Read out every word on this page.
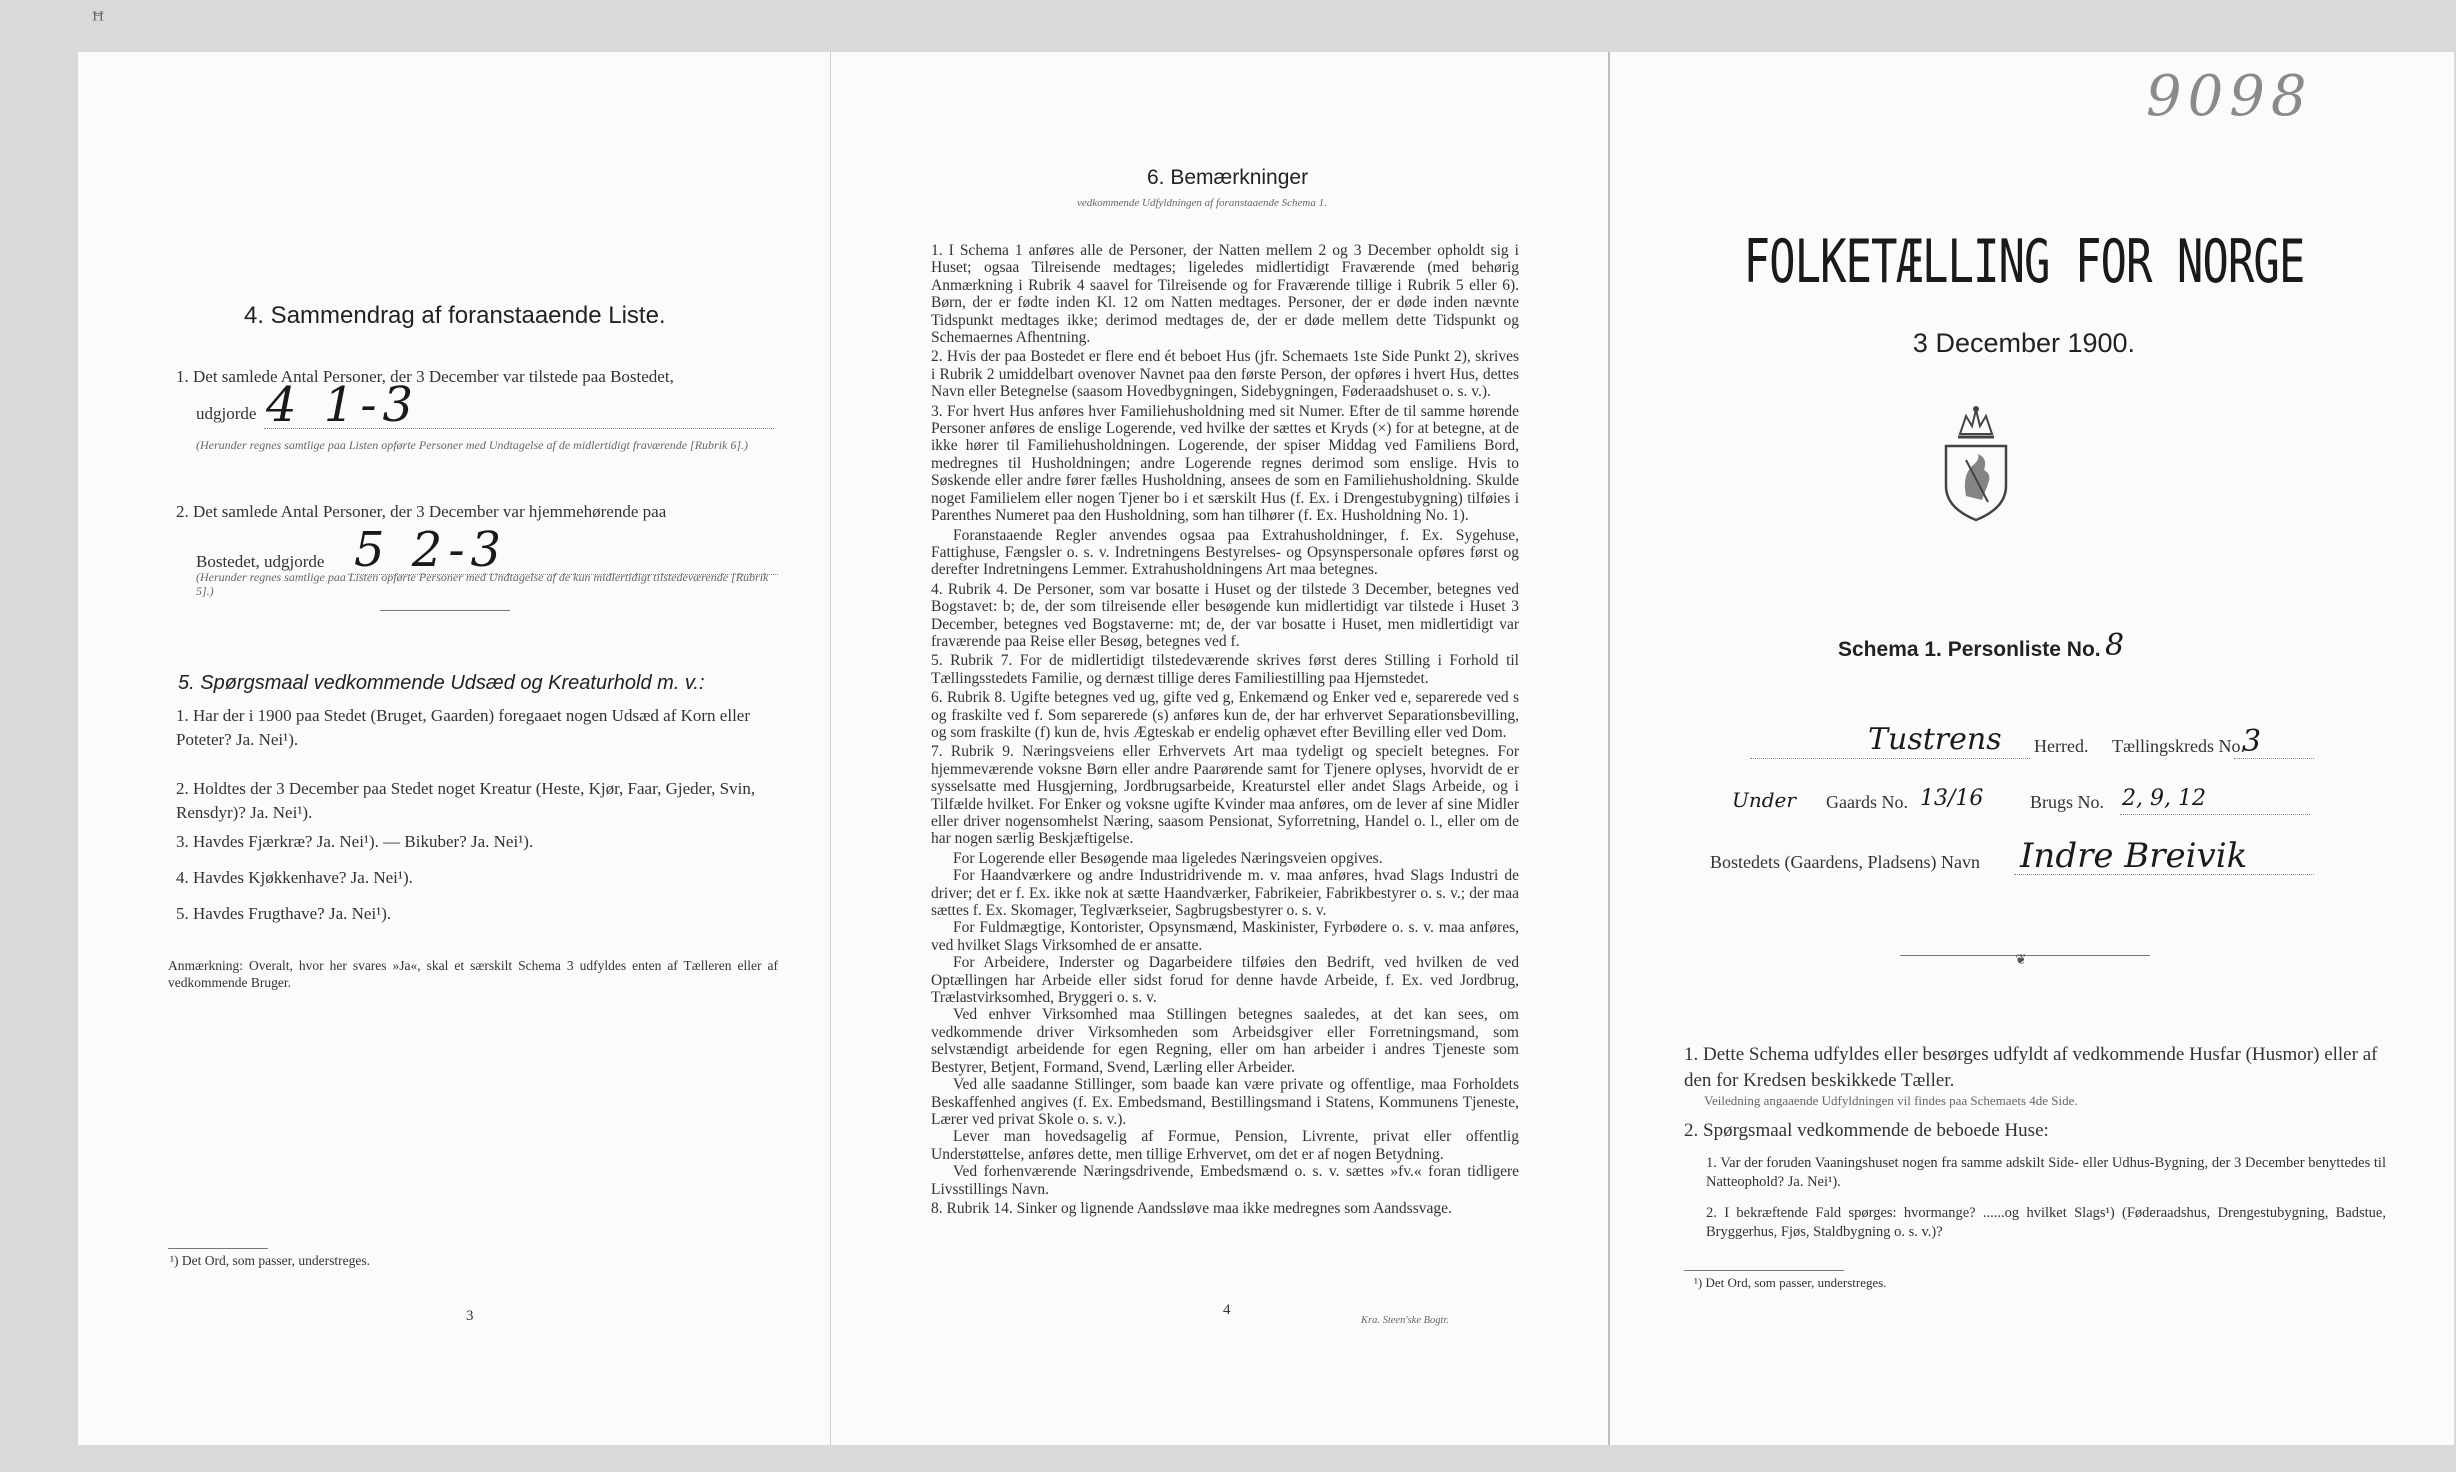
ꟸ
4. Sammendrag af foranstaaende Liste.
1. Det samlede Antal Personer, der 3 December var tilstede paa Bostedet,
udgjorde 4 1-3
(Herunder regnes samtlige paa Listen opførte Personer med Undtagelse af de midlertidigt fraværende [Rubrik 6].)
2. Det samlede Antal Personer, der 3 December var hjemmehørende paa
Bostedet, udgjorde 5 2-3
(Herunder regnes samtlige paa Listen opførte Personer med Undtagelse af de kun midlertidigt tilstedeværende [Rubrik 5].)
5. Spørgsmaal vedkommende Udsæd og Kreaturhold m. v.:
1. Har der i 1900 paa Stedet (Bruget, Gaarden) foregaaet nogen Udsæd af Korn eller Poteter? Ja. Nei¹).
2. Holdtes der 3 December paa Stedet noget Kreatur (Heste, Kjør, Faar, Gjeder, Svin, Rensdyr)? Ja. Nei¹).
3. Havdes Fjærkræ? Ja. Nei¹). — Bikuber? Ja. Nei¹).
4. Havdes Kjøkkenhave? Ja. Nei¹).
5. Havdes Frugthave? Ja. Nei¹).
Anmærkning: Overalt, hvor her svares »Ja«, skal et særskilt Schema 3 udfyldes enten af Tælleren eller af vedkommende Bruger.
¹) Det Ord, som passer, understreges.
3
6. Bemærkninger
vedkommende Udfyldningen af foranstaaende Schema 1.
1. I Schema 1 anføres alle de Personer, der Natten mellem 2 og 3 December opholdt sig i Huset; ogsaa Tilreisende medtages; ligeledes midlertidigt Fraværende (med behørig Anmærkning i Rubrik 4 saavel for Tilreisende og for Fraværende tillige i Rubrik 5 eller 6). Børn, der er fødte inden Kl. 12 om Natten medtages. Personer, der er døde inden nævnte Tidspunkt medtages ikke; derimod medtages de, der er døde mellem dette Tidspunkt og Schemaernes Afhentning.
2. Hvis der paa Bostedet er flere end ét beboet Hus (jfr. Schemaets 1ste Side Punkt 2), skrives i Rubrik 2 umiddelbart ovenover Navnet paa den første Person, der opføres i hvert Hus, dettes Navn eller Betegnelse (saasom Hovedbygningen, Sidebygningen, Føderaadshuset o. s. v.).
3. For hvert Hus anføres hver Familiehusholdning med sit Numer. Efter de til samme hørende Personer anføres de enslige Logerende, ved hvilke der sættes et Kryds (×) for at betegne, at de ikke hører til Familiehusholdningen. Logerende, der spiser Middag ved Familiens Bord, medregnes til Husholdningen; andre Logerende regnes derimod som enslige. Hvis to Søskende eller andre fører fælles Husholdning, ansees de som en Familiehusholdning. Skulde noget Familielem eller nogen Tjener bo i et særskilt Hus (f. Ex. i Drengestubygning) tilføies i Parenthes Numeret paa den Husholdning, som han tilhører (f. Ex. Husholdning No. 1).
Foranstaaende Regler anvendes ogsaa paa Extrahusholdninger, f. Ex. Sygehuse, Fattighuse, Fængsler o. s. v. Indretningens Bestyrelses- og Opsynspersonale opføres først og derefter Indretningens Lemmer. Extrahusholdningens Art maa betegnes.
4. Rubrik 4. De Personer, som var bosatte i Huset og der tilstede 3 December, betegnes ved Bogstavet: b; de, der som tilreisende eller besøgende kun midlertidigt var tilstede i Huset 3 December, betegnes ved Bogstaverne: mt; de, der var bosatte i Huset, men midlertidigt var fraværende paa Reise eller Besøg, betegnes ved f.
5. Rubrik 7. For de midlertidigt tilstedeværende skrives først deres Stilling i Forhold til Tællingsstedets Familie, og dernæst tillige deres Familiestilling paa Hjemstedet.
6. Rubrik 8. Ugifte betegnes ved ug, gifte ved g, Enkemænd og Enker ved e, separerede ved s og fraskilte ved f. Som separerede (s) anføres kun de, der har erhvervet Separationsbevilling, og som fraskilte (f) kun de, hvis Ægteskab er endelig ophævet efter Bevilling eller ved Dom.
7. Rubrik 9. Næringsveiens eller Erhvervets Art maa tydeligt og specielt betegnes. For hjemmeværende voksne Børn eller andre Paarørende samt for Tjenere oplyses, hvorvidt de er sysselsatte med Husgjerning, Jordbrugsarbeide, Kreaturstel eller andet Slags Arbeide, og i Tilfælde hvilket. For Enker og voksne ugifte Kvinder maa anføres, om de lever af sine Midler eller driver nogensomhelst Næring, saasom Pensionat, Syforretning, Handel o. l., eller om de har nogen særlig Beskjæftigelse.
For Logerende eller Besøgende maa ligeledes Næringsveien opgives.
For Haandværkere og andre Industridrivende m. v. maa anføres, hvad Slags Industri de driver; det er f. Ex. ikke nok at sætte Haandværker, Fabrikeier, Fabrikbestyrer o. s. v.; der maa sættes f. Ex. Skomager, Teglværkseier, Sagbrugsbestyrer o. s. v.
For Fuldmægtige, Kontorister, Opsynsmænd, Maskinister, Fyrbødere o. s. v. maa anføres, ved hvilket Slags Virksomhed de er ansatte.
For Arbeidere, Inderster og Dagarbeidere tilføies den Bedrift, ved hvilken de ved Optællingen har Arbeide eller sidst forud for denne havde Arbeide, f. Ex. ved Jordbrug, Trælastvirksomhed, Bryggeri o. s. v.
Ved enhver Virksomhed maa Stillingen betegnes saaledes, at det kan sees, om vedkommende driver Virksomheden som Arbeidsgiver eller Forretningsmand, som selvstændigt arbeidende for egen Regning, eller om han arbeider i andres Tjeneste som Bestyrer, Betjent, Formand, Svend, Lærling eller Arbeider.
Ved alle saadanne Stillinger, som baade kan være private og offentlige, maa Forholdets Beskaffenhed angives (f. Ex. Embedsmand, Bestillingsmand i Statens, Kommunens Tjeneste, Lærer ved privat Skole o. s. v.).
Lever man hovedsagelig af Formue, Pension, Livrente, privat eller offentlig Understøttelse, anføres dette, men tillige Erhvervet, om det er af nogen Betydning.
Ved forhenværende Næringsdrivende, Embedsmænd o. s. v. sættes »fv.« foran tidligere Livsstillings Navn.
8. Rubrik 14. Sinker og lignende Aandssløve maa ikke medregnes som Aandssvage.
4
Kra. Steen'ske Bogtr.
9098
FOLKETÆLLING FOR NORGE
3 December 1900.
Schema 1. Personliste No. 8
Tustrens Herred. Tællingskreds No.
3
Under Gaards No. 13/16	Brugs No. 2, 9, 12
Bostedets (Gaardens, Pladsens) Navn Indre Breivik
❦
1. Dette Schema udfyldes eller besørges udfyldt af vedkommende Husfar (Husmor) eller af den for Kredsen beskikkede Tæller.
Veiledning angaaende Udfyldningen vil findes paa Schemaets 4de Side.
2. Spørgsmaal vedkommende de beboede Huse:
1. Var der foruden Vaaningshuset nogen fra samme adskilt Side- eller Udhus-Bygning, der 3 December benyttedes til Natteophold? Ja. Nei¹).
2. I bekræftende Fald spørges: hvormange? ......og hvilket Slags¹) (Føderaadshus, Drengestubygning, Badstue, Bryggerhus, Fjøs, Staldbygning o. s. v.)?
¹) Det Ord, som passer, understreges.
